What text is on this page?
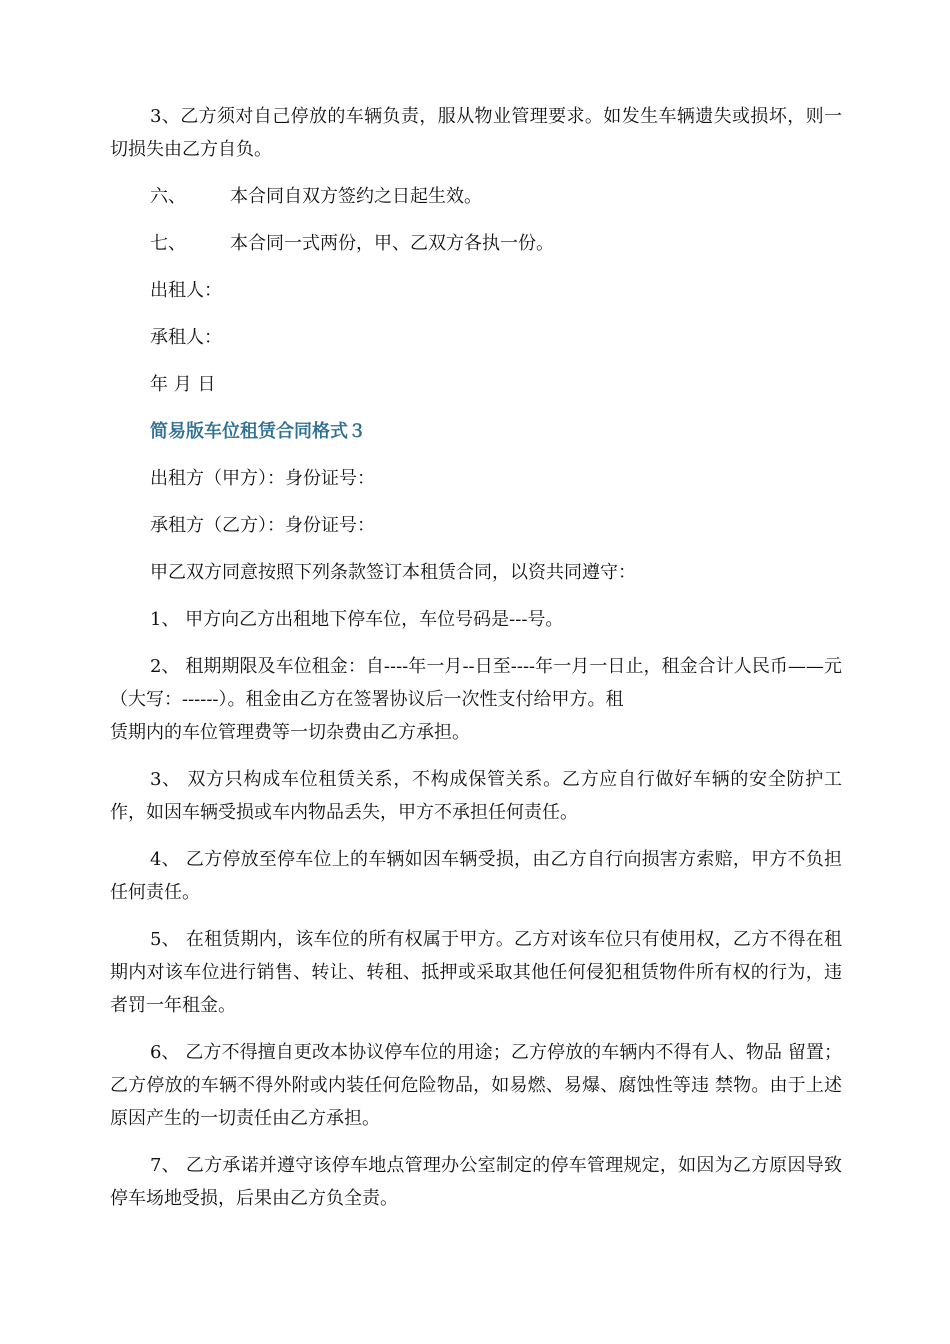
3、乙方须对自己停放的车辆负责，服从物业管理要求。如发生车辆遗失或损坏，则一切损失由乙方自负。

六、	本合同自双方签约之日起生效。
七、	本合同一式两份，甲、乙双方各执一份。

出租人：

承租人：

年 月 日

简易版车位租赁合同格式３

出租方（甲方）：身份证号：

承租方（乙方）：身份证号：

甲乙双方同意按照下列条款签订本租赁合同，以资共同遵守：

1、 甲方向乙方出租地下停车位，车位号码是---号。

2、 租期期限及车位租金：自----年一月--日至----年一月一日止，租金合计人民币——元（大写：------）。租金由乙方在签署协议后一次性支付给甲方。租

赁期内的车位管理费等一切杂费由乙方承担。

3、 双方只构成车位租赁关系，不构成保管关系。乙方应自行做好车辆的安全防护工作，如因车辆受损或车内物品丢失，甲方不承担任何责任。

4、 乙方停放至停车位上的车辆如因车辆受损，由乙方自行向损害方索赔，甲方不负担任何责任。

5、 在租赁期内，该车位的所有权属于甲方。乙方对该车位只有使用权，乙方不得在租期内对该车位进行销售、转让、转租、抵押或采取其他任何侵犯租赁物件所有权的行为，违者罚一年租金。

6、 乙方不得擅自更改本协议停车位的用途；乙方停放的车辆内不得有人、物品 留置；乙方停放的车辆不得外附或内装任何危险物品，如易燃、易爆、腐蚀性等违 禁物。由于上述原因产生的一切责任由乙方承担。

7、 乙方承诺并遵守该停车地点管理办公室制定的停车管理规定，如因为乙方原因导致停车场地受损，后果由乙方负全责。
